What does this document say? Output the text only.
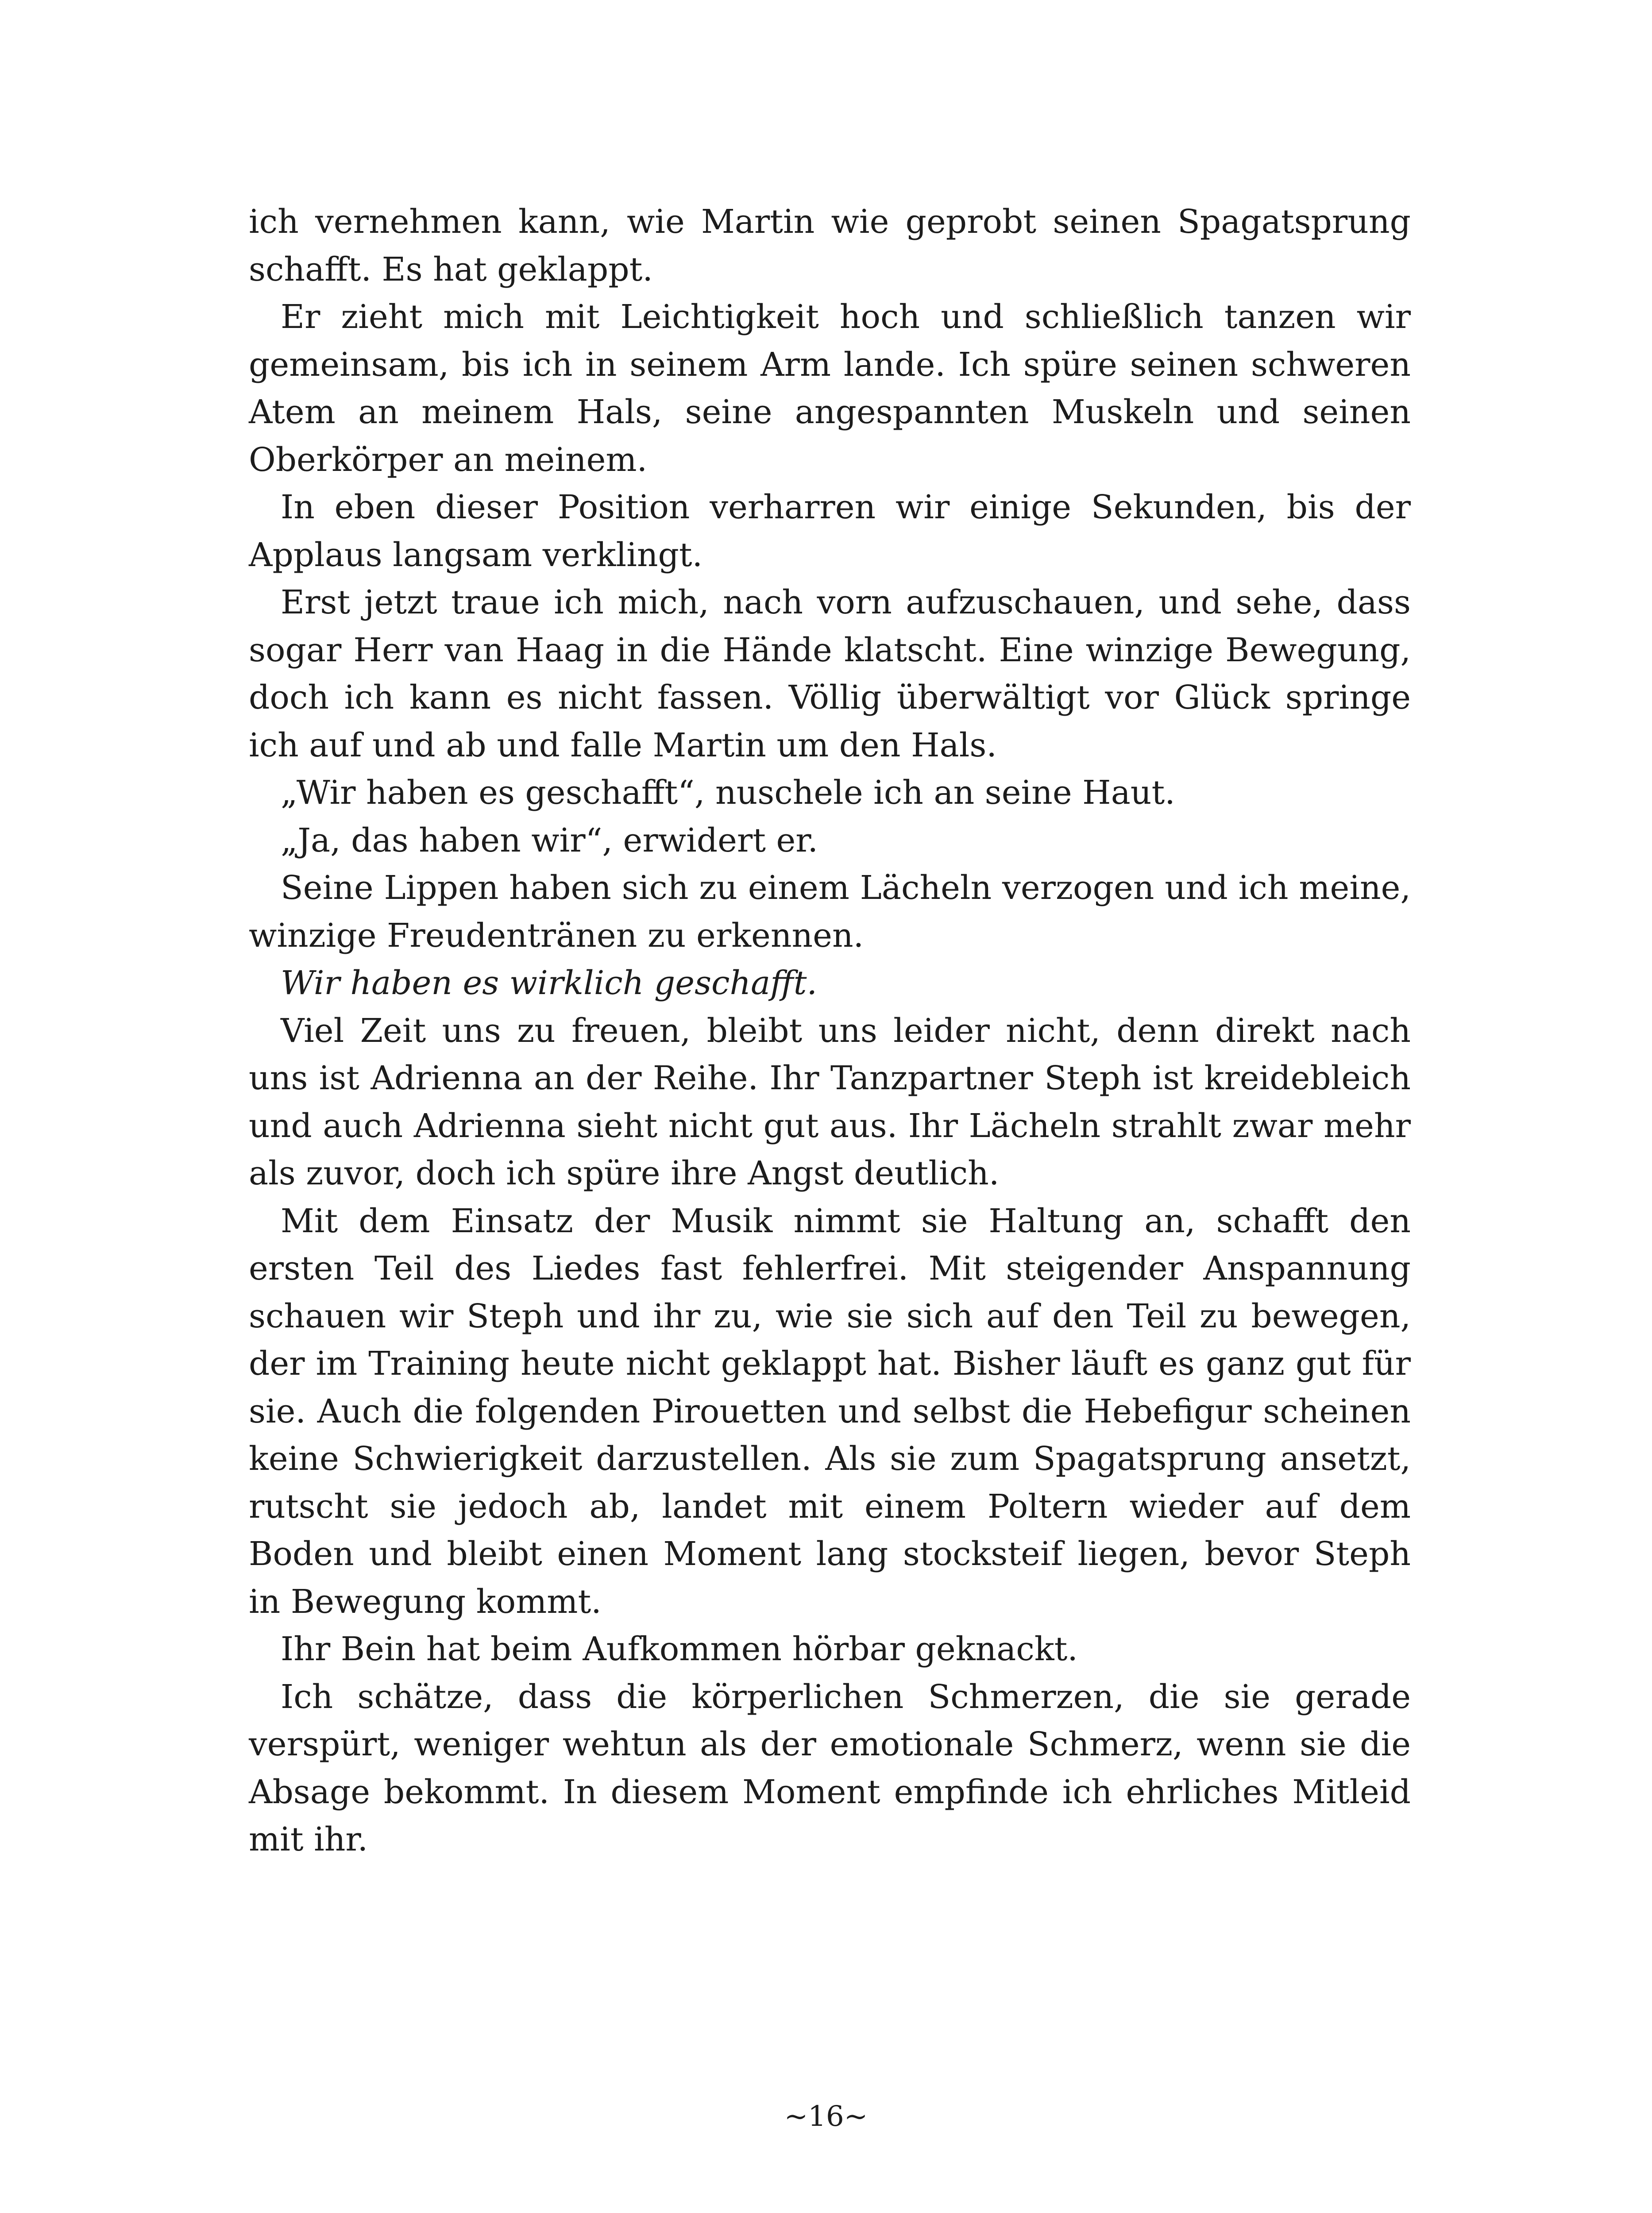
ich vernehmen kann, wie Martin wie geprobt seinen Spagatsprung schafft. Es hat geklappt.

Er zieht mich mit Leichtigkeit hoch und schließlich tanzen wir gemeinsam, bis ich in seinem Arm lande. Ich spüre seinen schweren Atem an meinem Hals, seine angespannten Muskeln und seinen Oberkörper an meinem.

In eben dieser Position verharren wir einige Sekunden, bis der Applaus langsam verklingt.

Erst jetzt traue ich mich, nach vorn aufzuschauen, und sehe, dass sogar Herr van Haag in die Hände klatscht. Eine winzige Bewegung, doch ich kann es nicht fassen. Völlig überwältigt vor Glück springe ich auf und ab und falle Martin um den Hals.

„Wir haben es geschafft“, nuschele ich an seine Haut.

„Ja, das haben wir“, erwidert er.

Seine Lippen haben sich zu einem Lächeln verzogen und ich meine, winzige Freudentränen zu erkennen.

Wir haben es wirklich geschafft.

Viel Zeit uns zu freuen, bleibt uns leider nicht, denn direkt nach uns ist Adrienna an der Reihe. Ihr Tanzpartner Steph ist kreidebleich und auch Adrienna sieht nicht gut aus. Ihr Lächeln strahlt zwar mehr als zuvor, doch ich spüre ihre Angst deutlich.

Mit dem Einsatz der Musik nimmt sie Haltung an, schafft den ersten Teil des Liedes fast fehlerfrei. Mit steigender Anspannung schauen wir Steph und ihr zu, wie sie sich auf den Teil zu bewegen, der im Training heute nicht geklappt hat. Bisher läuft es ganz gut für sie. Auch die folgenden Pirouetten und selbst die Hebefigur scheinen keine Schwierigkeit darzustellen. Als sie zum Spagatsprung ansetzt, rutscht sie jedoch ab, landet mit einem Poltern wieder auf dem Boden und bleibt einen Moment lang stocksteif liegen, bevor Steph in Bewegung kommt.

Ihr Bein hat beim Aufkommen hörbar geknackt.

Ich schätze, dass die körperlichen Schmerzen, die sie gerade verspürt, weniger wehtun als der emotionale Schmerz, wenn sie die Absage bekommt. In diesem Moment empfinde ich ehrliches Mitleid mit ihr.

~16~
